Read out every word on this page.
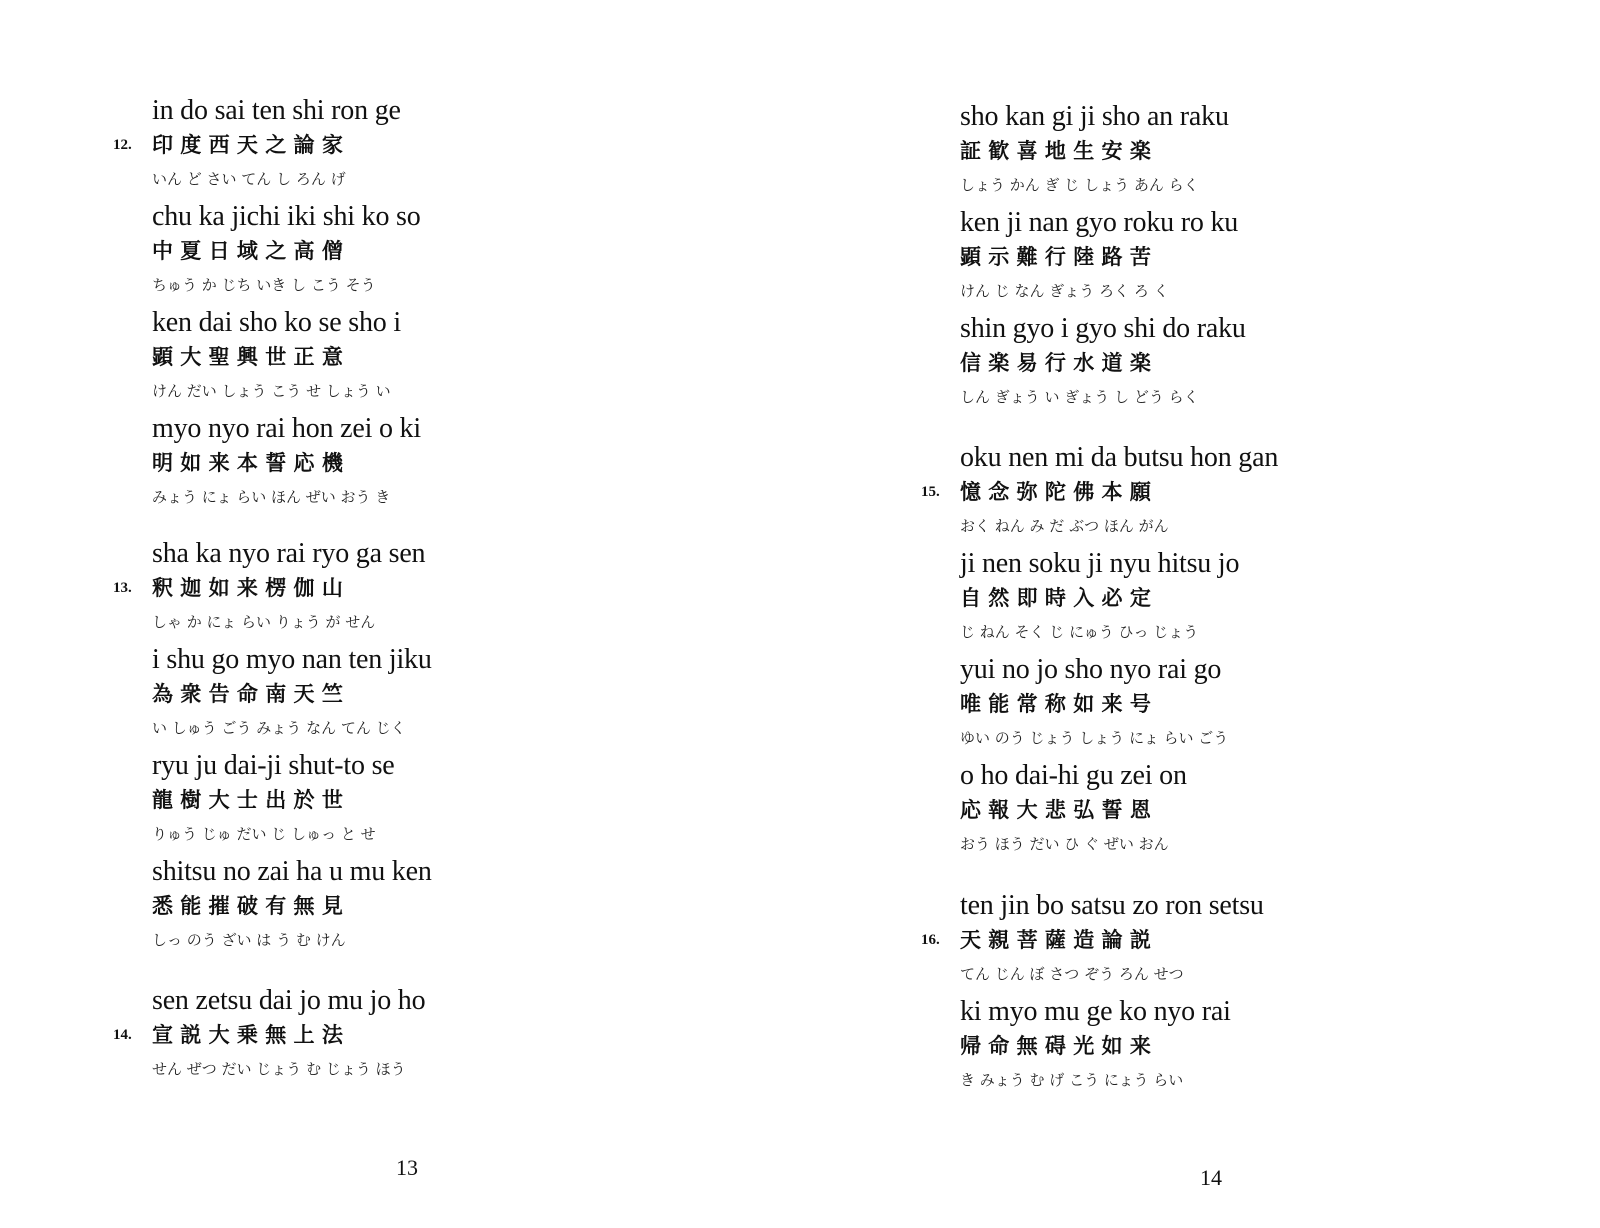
12.
in do sai ten shi ron ge
印 度 西 天 之 論 家
いん ど さい てん し ろん げ
chu ka jichi iki shi ko so
中 夏 日 域 之 高 僧
ちゅう か じち いき し こう そう
ken dai sho ko se sho i
顕 大 聖 興 世 正 意
けん だい しょう こう せ しょう い
myo nyo rai hon zei o ki
明 如 来 本 誓 応 機
みょう にょ らい ほん ぜい おう き
13.
sha ka nyo rai ryo ga sen
釈 迦 如 来 楞 伽 山
しゃ か にょ らい りょう が せん
i shu go myo nan ten jiku
為 衆 告 命 南 天 竺
い しゅう ごう みょう なん てん じく
ryu ju dai-ji shut-to se
龍 樹 大 士 出 於 世
りゅう じゅ だい じ しゅっ と せ
shitsu no zai ha u mu ken
悉 能 摧 破 有 無 見
しっ のう ざい は う む けん
14.
sen zetsu dai jo mu jo ho
宣 説 大 乗 無 上 法
せん ぜつ だい じょう む じょう ほう
13
sho kan gi ji sho an raku
証 歓 喜 地 生 安 楽
しょう かん ぎ じ しょう あん らく
ken ji nan gyo roku ro ku
顕 示 難 行 陸 路 苦
けん じ なん ぎょう ろく ろ く
shin gyo i gyo shi do raku
信 楽 易 行 水 道 楽
しん ぎょう い ぎょう し どう らく
15.
oku nen mi da butsu hon gan
憶 念 弥 陀 佛 本 願
おく ねん み だ ぶつ ほん がん
ji nen soku ji nyu hitsu jo
自 然 即 時 入 必 定
じ ねん そく じ にゅう ひっ じょう
yui no jo sho nyo rai go
唯 能 常 称 如 来 号
ゆい のう じょう しょう にょ らい ごう
o ho dai-hi gu zei on
応 報 大 悲 弘 誓 恩
おう ほう だい ひ ぐ ぜい おん
16.
ten jin bo satsu zo ron setsu
天 親 菩 薩 造 論 説
てん じん ぼ さつ ぞう ろん せつ
ki myo mu ge ko nyo rai
帰 命 無 碍 光 如 来
き みょう む げ こう にょう らい
14
